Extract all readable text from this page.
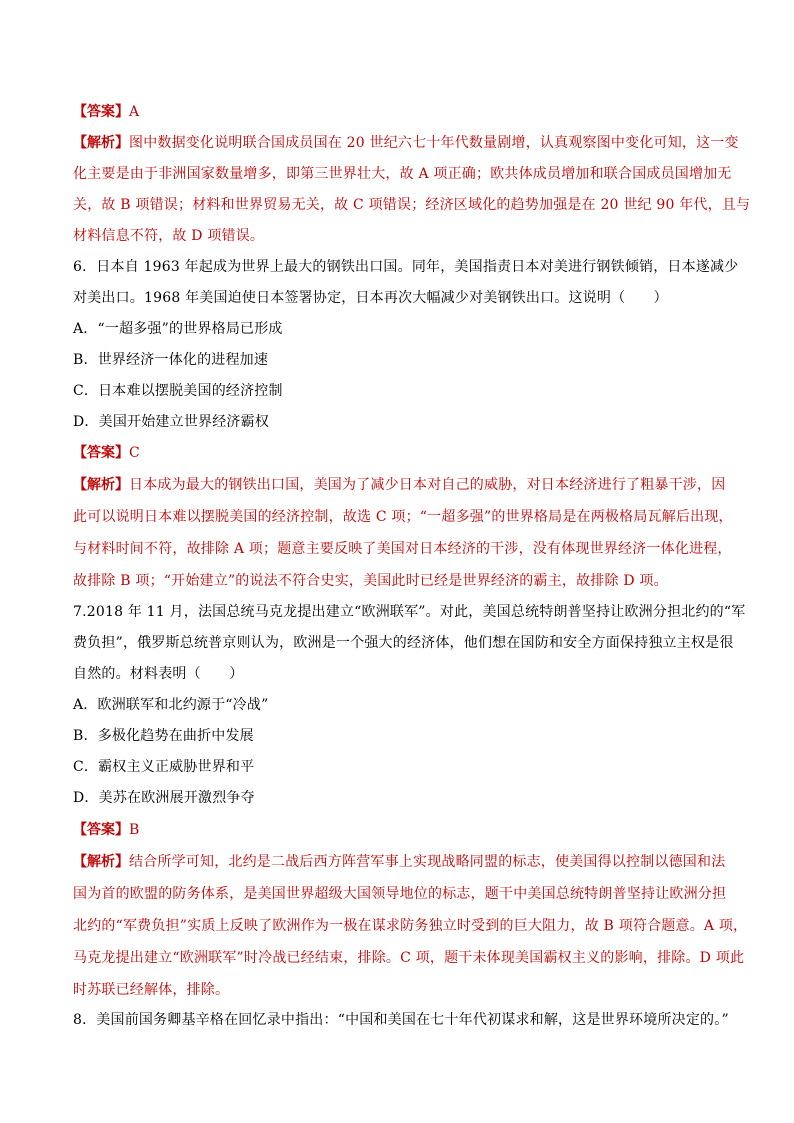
【答案】A
【解析】图中数据变化说明联合国成员国在 20 世纪六七十年代数量剧增，认真观察图中变化可知，这一变
化主要是由于非洲国家数量增多，即第三世界壮大，故 A 项正确；欧共体成员增加和联合国成员国增加无
关，故 B 项错误；材料和世界贸易无关，故 C 项错误；经济区域化的趋势加强是在 20 世纪 90 年代，且与
材料信息不符，故 D 项错误。
6．日本自 1963 年起成为世界上最大的钢铁出口国。同年，美国指责日本对美进行钢铁倾销，日本遂减少
对美出口。1968 年美国迫使日本签署协定，日本再次大幅减少对美钢铁出口。这说明（　　）
A．“一超多强”的世界格局已形成
B．世界经济一体化的进程加速
C．日本难以摆脱美国的经济控制
D．美国开始建立世界经济霸权
【答案】C
【解析】日本成为最大的钢铁出口国，美国为了减少日本对自己的威胁，对日本经济进行了粗暴干涉，因
此可以说明日本难以摆脱美国的经济控制，故选 C 项；“一超多强”的世界格局是在两极格局瓦解后出现，
与材料时间不符，故排除 A 项；题意主要反映了美国对日本经济的干涉，没有体现世界经济一体化进程，
故排除 B 项；“开始建立”的说法不符合史实，美国此时已经是世界经济的霸主，故排除 D 项。
7.2018 年 11 月，法国总统马克龙提出建立“欧洲联军”。对此，美国总统特朗普坚持让欧洲分担北约的“军
费负担”，俄罗斯总统普京则认为，欧洲是一个强大的经济体，他们想在国防和安全方面保持独立主权是很
自然的。材料表明（　　）
A．欧洲联军和北约源于“冷战”
B．多极化趋势在曲折中发展
C．霸权主义正威胁世界和平
D．美苏在欧洲展开激烈争夺
【答案】B
【解析】结合所学可知，北约是二战后西方阵营军事上实现战略同盟的标志，使美国得以控制以德国和法
国为首的欧盟的防务体系，是美国世界超级大国领导地位的标志，题干中美国总统特朗普坚持让欧洲分担
北约的“军费负担”实质上反映了欧洲作为一极在谋求防务独立时受到的巨大阻力，故 B 项符合题意。A 项，
马克龙提出建立“欧洲联军”时冷战已经结束，排除。C 项，题干未体现美国霸权主义的影响，排除。D 项此
时苏联已经解体，排除。
8．美国前国务卿基辛格在回忆录中指出：“中国和美国在七十年代初谋求和解，这是世界环境所决定的。”
